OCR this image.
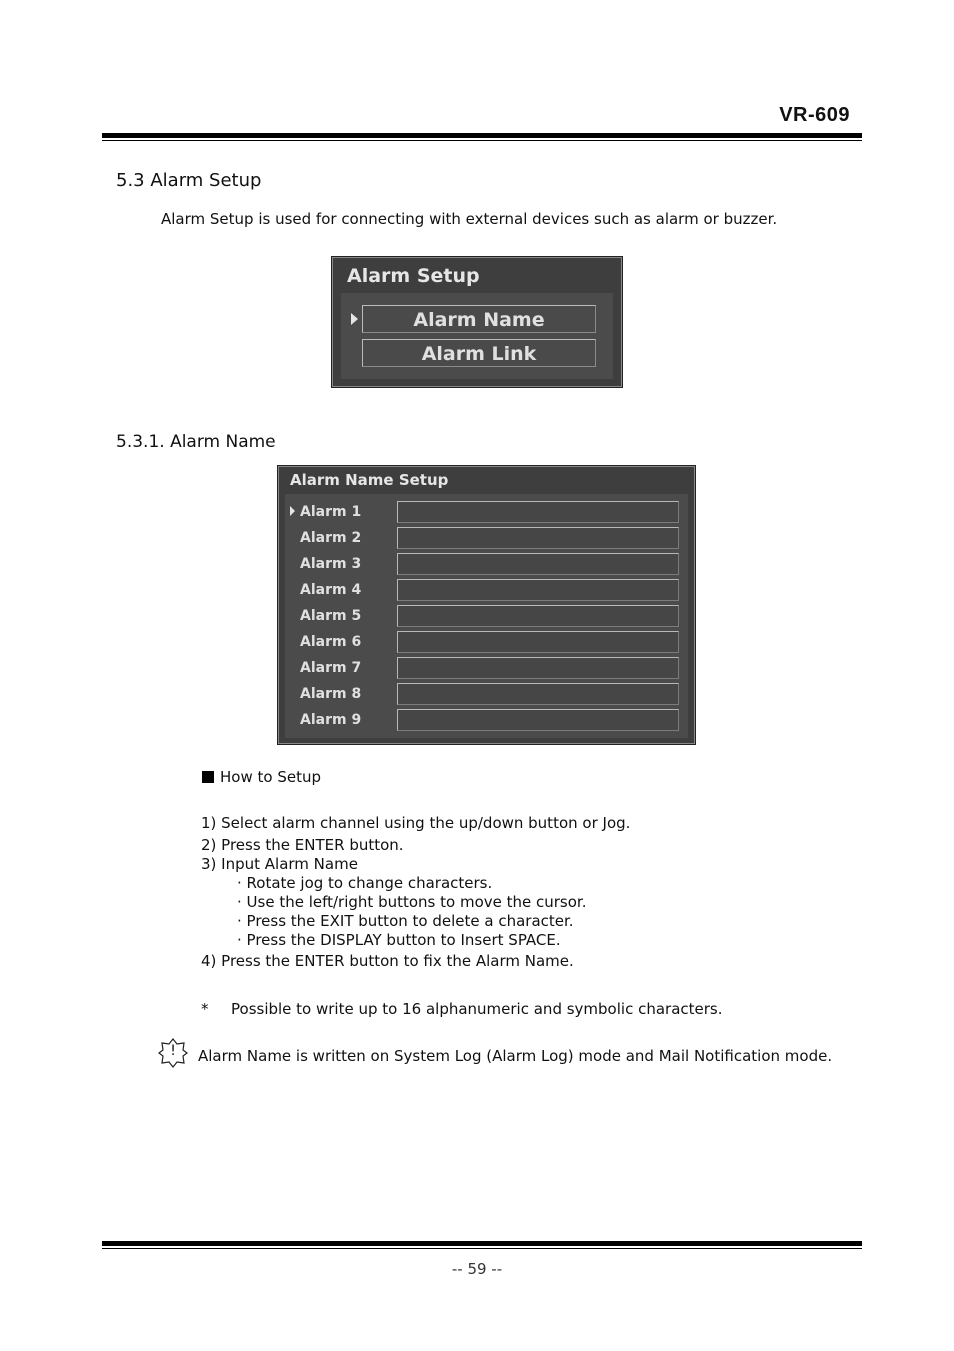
VR-609
5.3 Alarm Setup
Alarm Setup is used for connecting with external devices such as alarm or buzzer.
Alarm Setup
Alarm Name
Alarm Link
5.3.1. Alarm Name
Alarm Name Setup
Alarm 1
Alarm 2
Alarm 3
Alarm 4
Alarm 5
Alarm 6
Alarm 7
Alarm 8
Alarm 9
How to Setup
1) Select alarm channel using the up/down button or Jog.
2) Press the ENTER button.
3) Input Alarm Name
· Rotate jog to change characters.
· Use the left/right buttons to move the cursor.
· Press the EXIT button to delete a character.
· Press the DISPLAY button to Insert SPACE.
4) Press the ENTER button to fix the Alarm Name.
* Possible to write up to 16 alphanumeric and symbolic characters.
!	Alarm Name is written on System Log (Alarm Log) mode and Mail Notification mode.
-- 59 --
